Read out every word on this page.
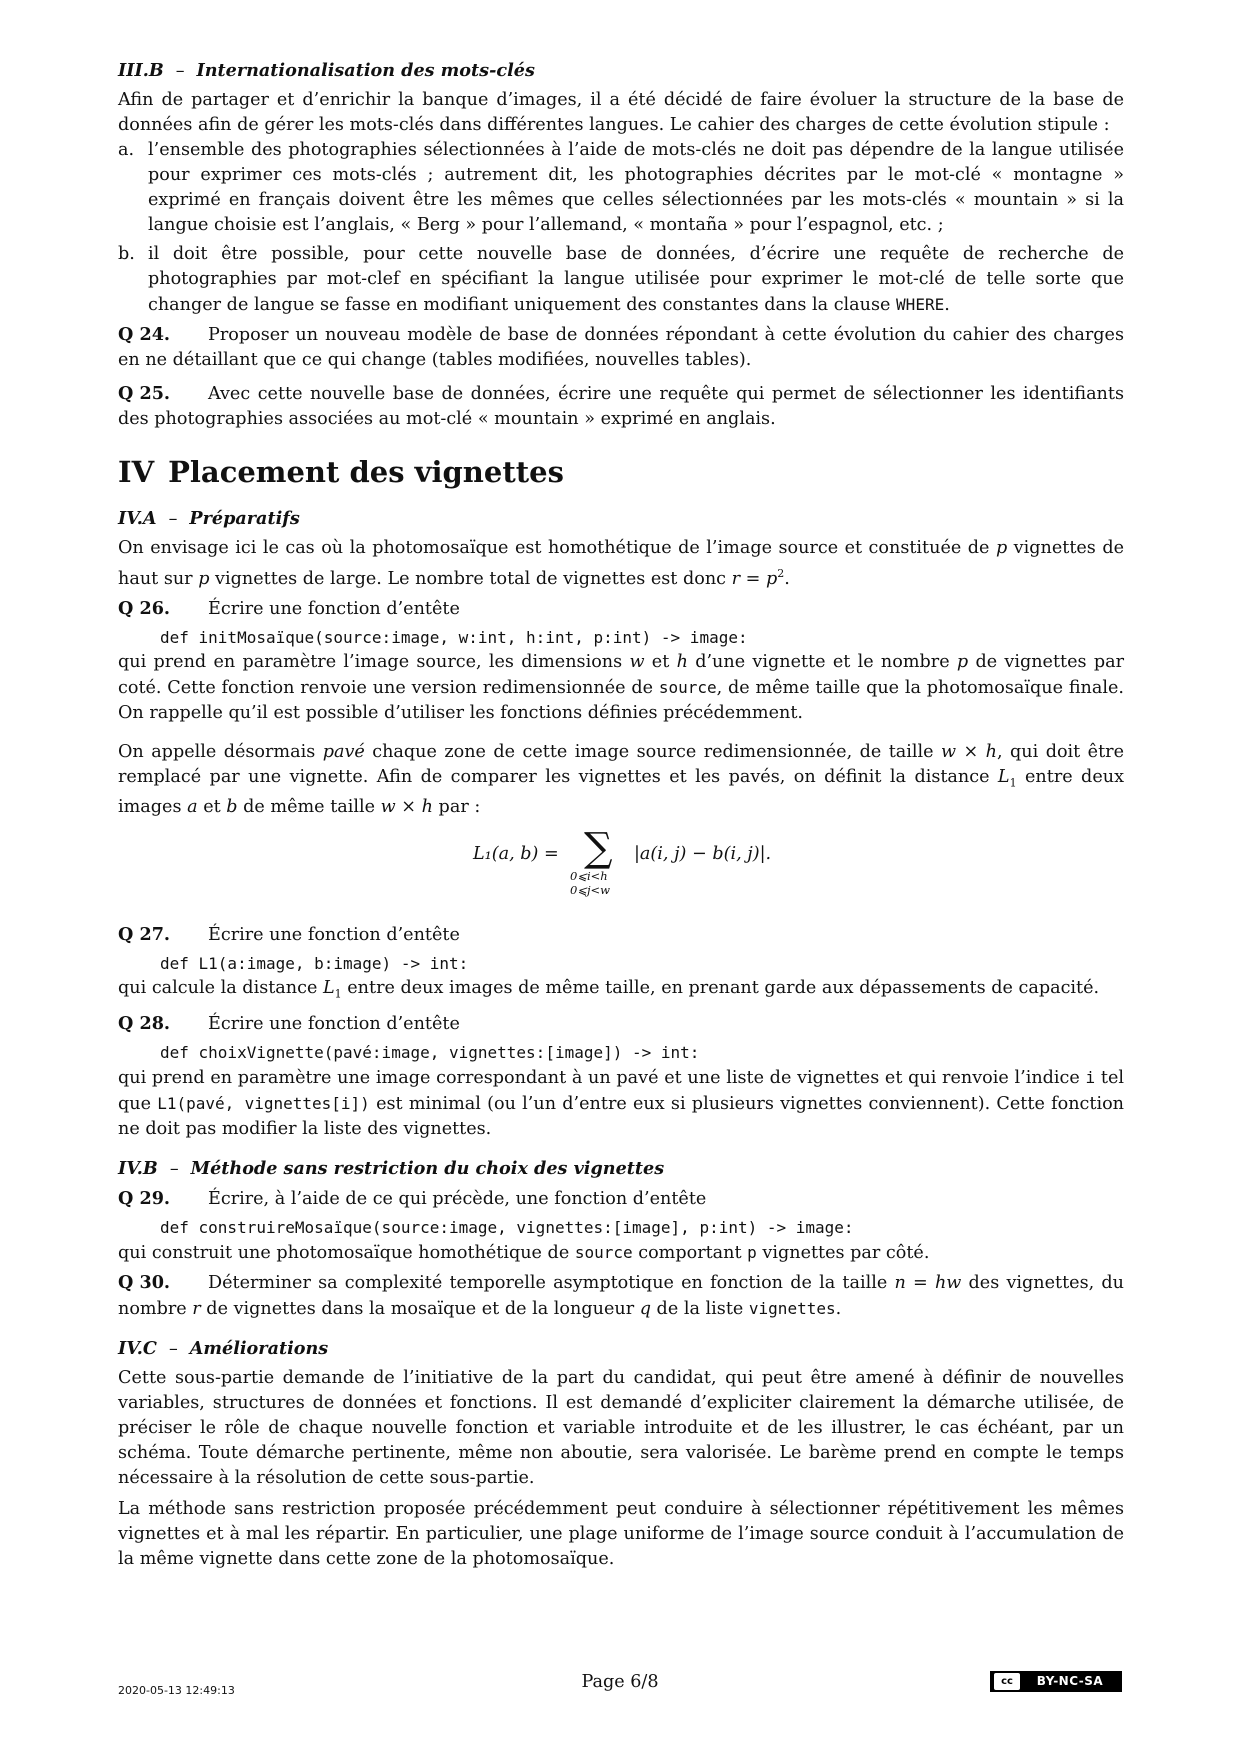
III.B – Internationalisation des mots-clés

Afin de partager et d’enrichir la banque d’images, il a été décidé de faire évoluer la structure de la base de données afin de gérer les mots-clés dans différentes langues. Le cahier des charges de cette évolution stipule :

a. l’ensemble des photographies sélectionnées à l’aide de mots-clés ne doit pas dépendre de la langue utilisée pour exprimer ces mots-clés ; autrement dit, les photographies décrites par le mot-clé « montagne » exprimé en français doivent être les mêmes que celles sélectionnées par les mots-clés « mountain » si la langue choisie est l’anglais, « Berg » pour l’allemand, « montaña » pour l’espagnol, etc. ;
b. il doit être possible, pour cette nouvelle base de données, d’écrire une requête de recherche de photographies par mot-clef en spécifiant la langue utilisée pour exprimer le mot-clé de telle sorte que changer de langue se fasse en modifiant uniquement des constantes dans la clause WHERE.

Q 24. Proposer un nouveau modèle de base de données répondant à cette évolution du cahier des charges en ne détaillant que ce qui change (tables modifiées, nouvelles tables).

Q 25. Avec cette nouvelle base de données, écrire une requête qui permet de sélectionner les identifiants des photographies associées au mot-clé « mountain » exprimé en anglais.

IV Placement des vignettes
IV.A – Préparatifs

On envisage ici le cas où la photomosaïque est homothétique de l’image source et constituée de p vignettes de haut sur p vignettes de large. Le nombre total de vignettes est donc $r = p^2$.

Q 26. Écrire une fonction d’entête

def initMosaïque(source:image, w:int, h:int, p:int) -> image:

qui prend en paramètre l’image source, les dimensions w et h d’une vignette et le nombre p de vignettes par coté. Cette fonction renvoie une version redimensionnée de source, de même taille que la photomosaïque finale. On rappelle qu’il est possible d’utiliser les fonctions définies précédemment.

On appelle désormais pavé chaque zone de cette image source redimensionnée, de taille w × h, qui doit être remplacé par une vignette. Afin de comparer les vignettes et les pavés, on définit la distance $L_1$ entre deux images a et b de même taille w × h par :

L₁(a, b) = ∑
0⩽i<h
0⩽j<w
|a(i, j) − b(i, j)|.

Q 27. Écrire une fonction d’entête

def L1(a:image, b:image) -> int:

qui calcule la distance $L_1$ entre deux images de même taille, en prenant garde aux dépassements de capacité.

Q 28. Écrire une fonction d’entête

def choixVignette(pavé:image, vignettes:[image]) -> int:

qui prend en paramètre une image correspondant à un pavé et une liste de vignettes et qui renvoie l’indice i tel que L1(pavé, vignettes[i]) est minimal (ou l’un d’entre eux si plusieurs vignettes conviennent). Cette fonction ne doit pas modifier la liste des vignettes.

IV.B – Méthode sans restriction du choix des vignettes

Q 29. Écrire, à l’aide de ce qui précède, une fonction d’entête

def construireMosaïque(source:image, vignettes:[image], p:int) -> image:

qui construit une photomosaïque homothétique de source comportant p vignettes par côté.

Q 30. Déterminer sa complexité temporelle asymptotique en fonction de la taille n = hw des vignettes, du nombre r de vignettes dans la mosaïque et de la longueur q de la liste vignettes.

IV.C – Améliorations

Cette sous-partie demande de l’initiative de la part du candidat, qui peut être amené à définir de nouvelles variables, structures de données et fonctions. Il est demandé d’expliciter clairement la démarche utilisée, de préciser le rôle de chaque nouvelle fonction et variable introduite et de les illustrer, le cas échéant, par un schéma. Toute démarche pertinente, même non aboutie, sera valorisée. Le barème prend en compte le temps nécessaire à la résolution de cette sous-partie.

La méthode sans restriction proposée précédemment peut conduire à sélectionner répétitivement les mêmes vignettes et à mal les répartir. En particulier, une plage uniforme de l’image source conduit à l’accumulation de la même vignette dans cette zone de la photomosaïque.

2020-05-13 12:49:13	Page 6/8	cc	BY-NC-SA
